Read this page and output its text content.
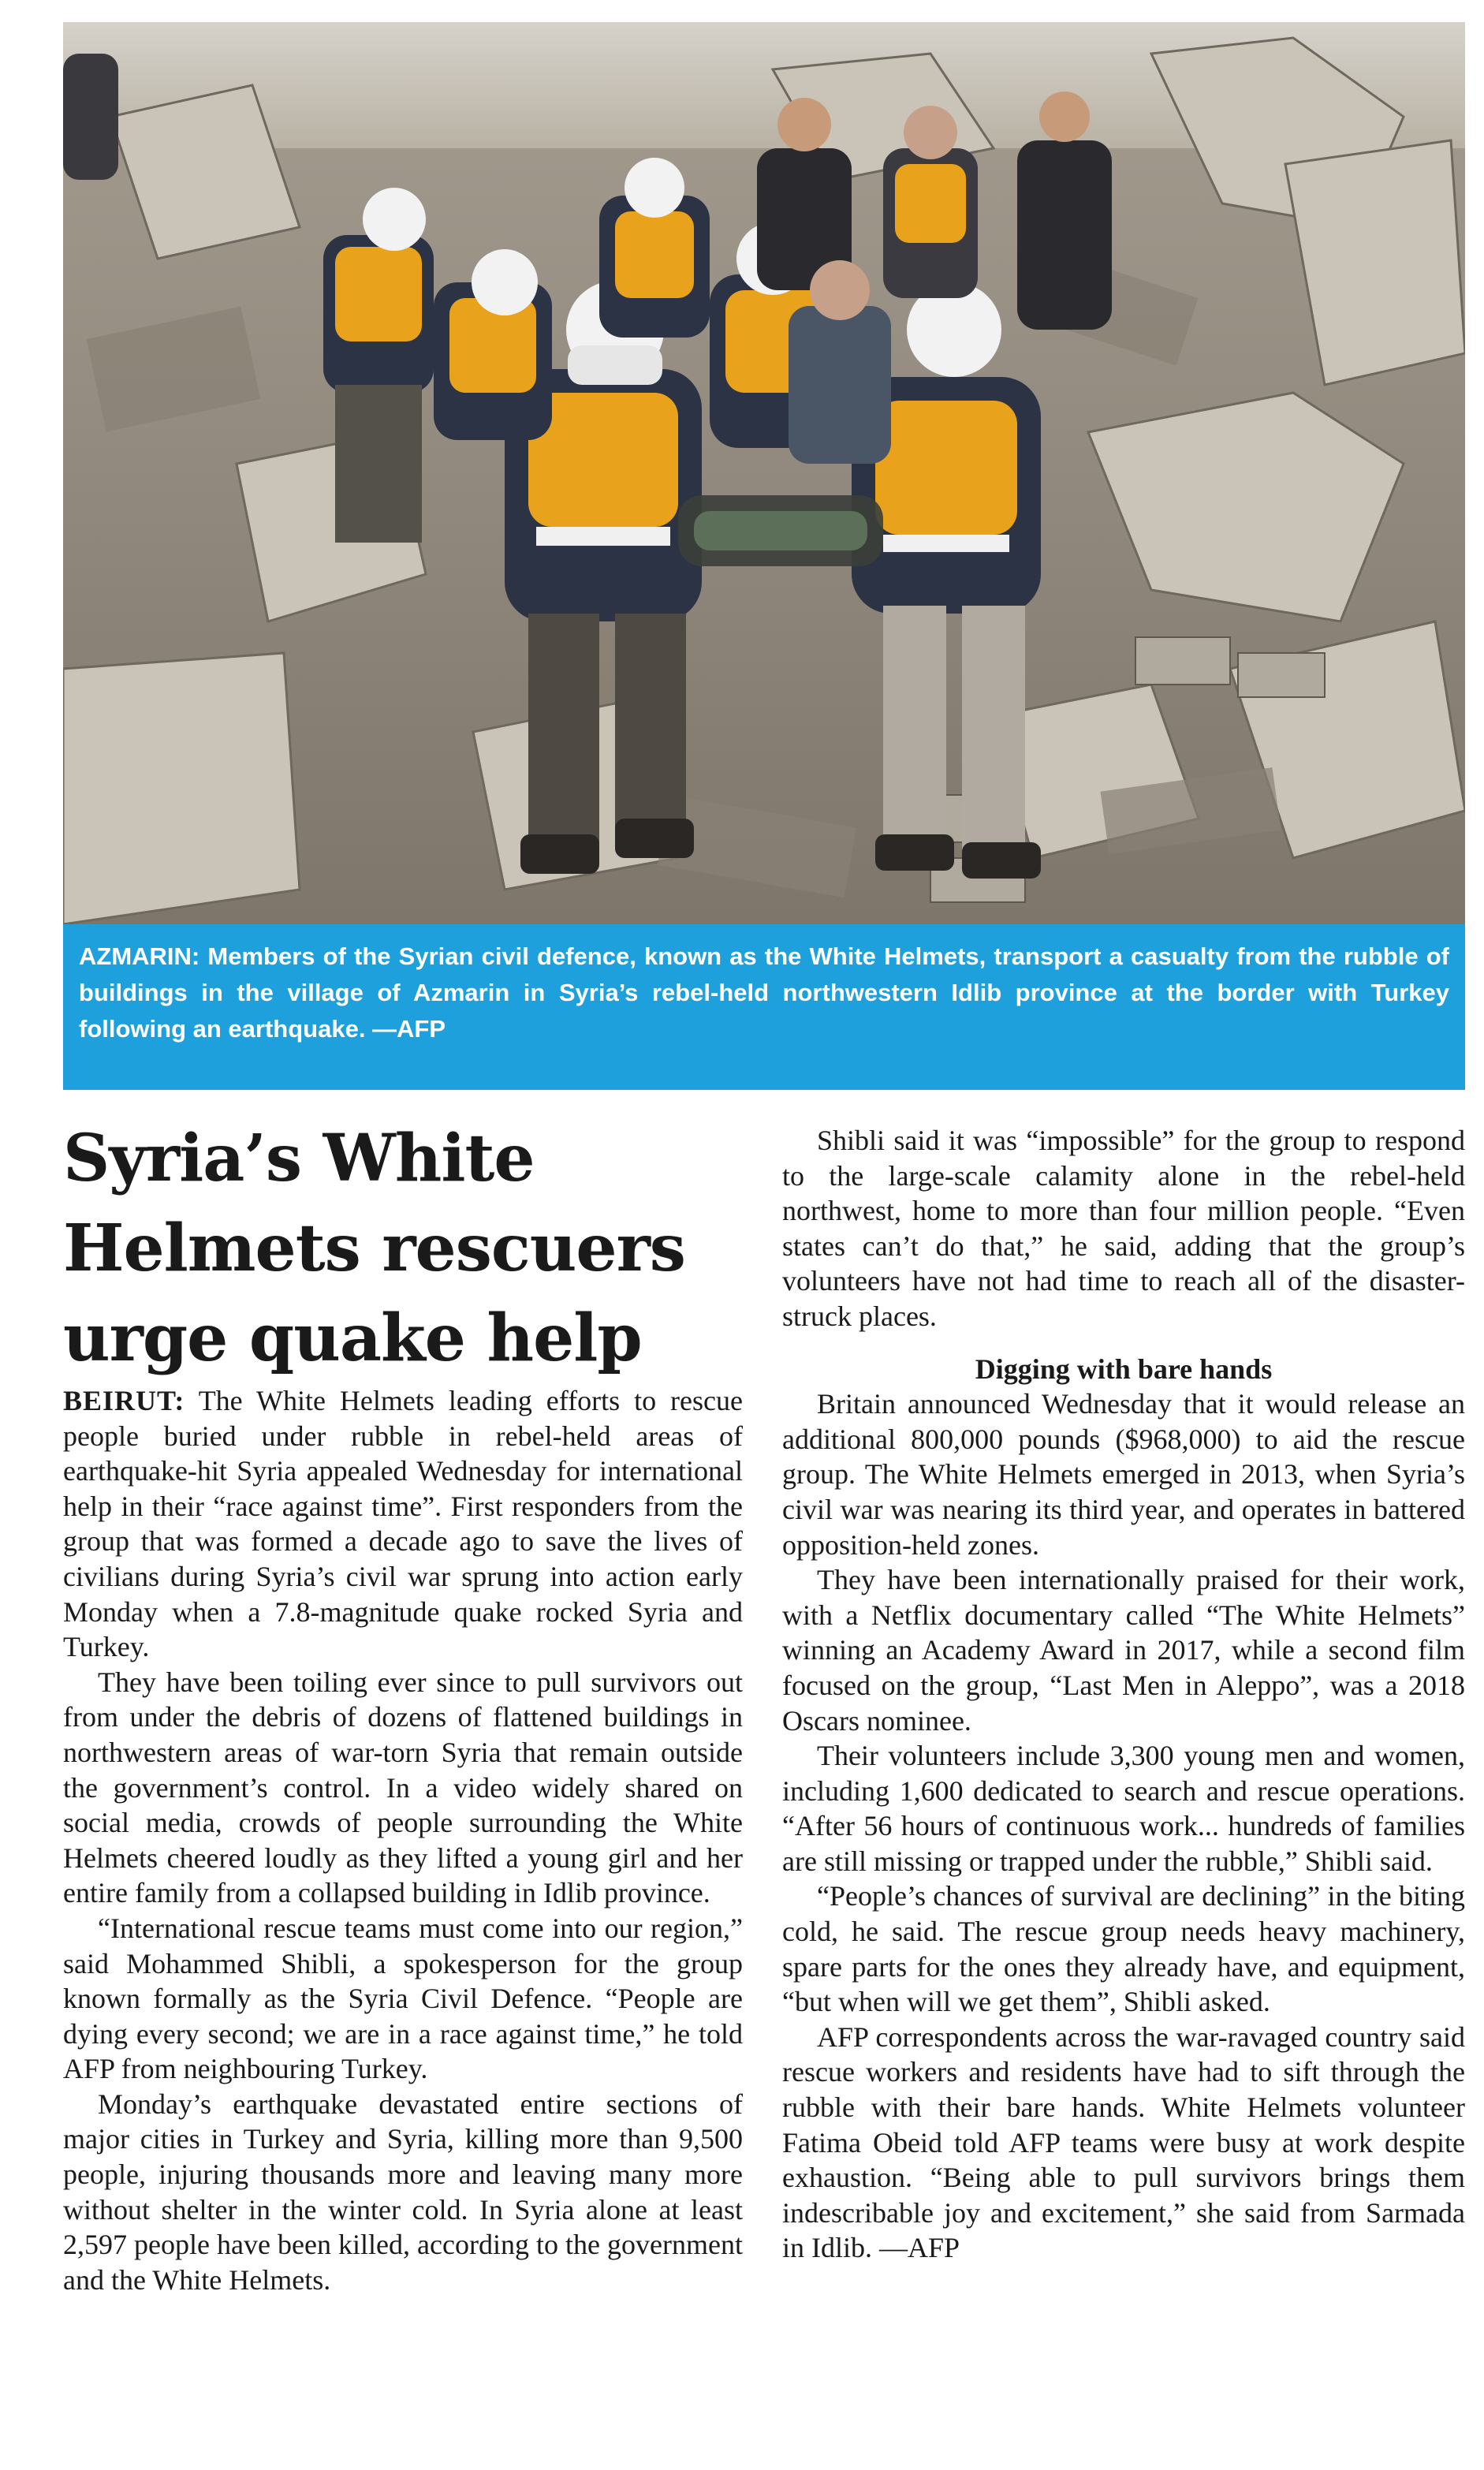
AZMARIN: Members of the Syrian civil defence, known as the White Helmets, transport a casualty from the rubble of buildings in the village of Azmarin in Syria’s rebel-held northwestern Idlib province at the border with Turkey following an earthquake. —AFP
Syria’s White
Helmets rescuers
urge quake help

BEIRUT: The White Helmets leading efforts to rescue people buried under rubble in rebel-held areas of earthquake-hit Syria appealed Wednesday for international help in their “race against time”. First responders from the group that was formed a decade ago to save the lives of civilians during Syria’s civil war sprung into action early Monday when a 7.8-magnitude quake rocked Syria and Turkey.

They have been toiling ever since to pull survivors out from under the debris of dozens of flattened buildings in northwestern areas of war-torn Syria that remain outside the government’s control. In a video widely shared on social media, crowds of people surrounding the White Helmets cheered loudly as they lifted a young girl and her entire family from a collapsed building in Idlib province.

“International rescue teams must come into our region,” said Mohammed Shibli, a spokesperson for the group known formally as the Syria Civil Defence. “People are dying every second; we are in a race against time,” he told AFP from neighbouring Turkey.

Monday’s earthquake devastated entire sections of major cities in Turkey and Syria, killing more than 9,500 people, injuring thousands more and leaving many more without shelter in the winter cold. In Syria alone at least 2,597 people have been killed, according to the government and the White Helmets.

Shibli said it was “impossible” for the group to respond to the large-scale calamity alone in the rebel-held northwest, home to more than four million people. “Even states can’t do that,” he said, adding that the group’s volunteers have not had time to reach all of the disaster-struck places.

Digging with bare hands

Britain announced Wednesday that it would release an additional 800,000 pounds ($968,000) to aid the rescue group. The White Helmets emerged in 2013, when Syria’s civil war was nearing its third year, and operates in battered opposition-held zones.

They have been internationally praised for their work, with a Netflix documentary called “The White Helmets” winning an Academy Award in 2017, while a second film focused on the group, “Last Men in Aleppo”, was a 2018 Oscars nominee.

Their volunteers include 3,300 young men and women, including 1,600 dedicated to search and rescue operations. “After 56 hours of continuous work... hundreds of families are still missing or trapped under the rubble,” Shibli said.

“People’s chances of survival are declining” in the biting cold, he said. The rescue group needs heavy machinery, spare parts for the ones they already have, and equipment, “but when will we get them”, Shibli asked.

AFP correspondents across the war-ravaged country said rescue workers and residents have had to sift through the rubble with their bare hands. White Helmets volunteer Fatima Obeid told AFP teams were busy at work despite exhaustion. “Being able to pull survivors brings them indescribable joy and excitement,” she said from Sarmada in Idlib. —AFP
